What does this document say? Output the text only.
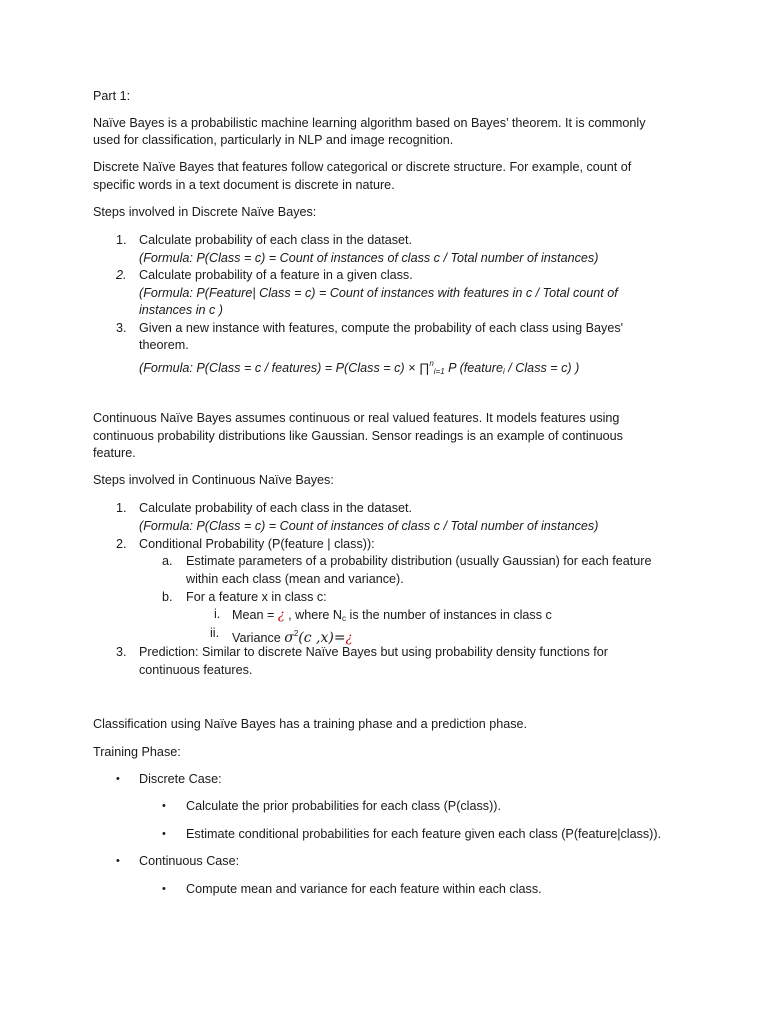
Part 1:
Naïve Bayes is a probabilistic machine learning algorithm based on Bayes’ theorem. It is commonly
used for classification, particularly in NLP and image recognition.
Discrete Naïve Bayes that features follow categorical or discrete structure. For example, count of
specific words in a text document is discrete in nature.
Steps involved in Discrete Naïve Bayes:
1. Calculate probability of each class in the dataset.
(Formula: P(Class = c) = Count of instances of class c / Total number of instances)
2. Calculate probability of a feature in a given class.
(Formula: P(Feature| Class = c) = Count of instances with features in c / Total count of
instances in c )
3. Given a new instance with features, compute the probability of each class using Bayes'
theorem.
(Formula: P(Class = c / features) = P(Class = c) × ∏$^n_{i=1}$ P (feature$_i$ / Class = c) )
Continuous Naïve Bayes assumes continuous or real valued features. It models features using
continuous probability distributions like Gaussian. Sensor readings is an example of continuous
feature.
Steps involved in Continuous Naïve Bayes:
1. Calculate probability of each class in the dataset.
(Formula: P(Class = c) = Count of instances of class c / Total number of instances)
2. Conditional Probability (P(feature | class)):
a. Estimate parameters of a probability distribution (usually Gaussian) for each feature
within each class (mean and variance).
b. For a feature x in class c:
i. Mean = ¿ , where $N_c$ is the number of instances in class c
ii. Variance $\sigma^2(c$ ,x)=¿
3. Prediction: Similar to discrete Naïve Bayes but using probability density functions for
continuous features.
Classification using Naïve Bayes has a training phase and a prediction phase.
Training Phase:
• Discrete Case:
• Calculate the prior probabilities for each class (P(class)).
• Estimate conditional probabilities for each feature given each class (P(feature|class)).
• Continuous Case:
• Compute mean and variance for each feature within each class.
